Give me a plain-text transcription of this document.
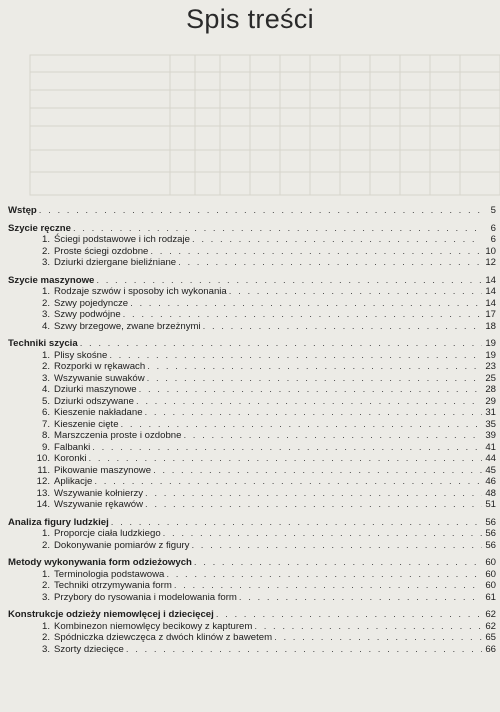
Spis treści
Wstęp . . .	5
Szycie ręczne . . .	6
1. Ściegi podstawowe i ich rodzaje . . .	6
2. Proste ściegi ozdobne . . .	10
3. Dziurki dziergane bieliźniane . . .	12
Szycie maszynowe . . .	14
1. Rodzaje szwów i sposoby ich wykonania . . .	14
2. Szwy pojedyncze . . .	14
3. Szwy podwójne . . .	17
4. Szwy brzegowe, zwane brzeżnymi . . .	18
Techniki szycia . . .	19
1. Plisy skośne . . .	19
2. Rozporki w rękawach . . .	23
3. Wszywanie suwaków . . .	25
4. Dziurki maszynowe . . .	28
5. Dziurki odszywane . . .	29
6. Kieszenie nakładane . . .	31
7. Kieszenie cięte . . .	35
8. Marszczenia proste i ozdobne . . .	39
9. Falbanki . . .	41
10. Koronki . . .	44
11. Pikowanie maszynowe . . .	45
12. Aplikacje . . .	46
13. Wszywanie kołnierzy . . .	48
14. Wszywanie rękawów . . .	51
Analiza figury ludzkiej . . .	56
1. Proporcje ciała ludzkiego . . .	56
2. Dokonywanie pomiarów z figury . . .	56
Metody wykonywania form odzieżowych . . .	60
1. Terminologia podstawowa . . .	60
2. Techniki otrzymywania form . . .	60
3. Przybory do rysowania i modelowania form . . .	61
Konstrukcje odzieży niemowlęcej i dziecięcej . . .	62
1. Kombinezon niemowlęcy becikowy z kapturem . . .	62
2. Spódniczka dziewczęca z dwóch klinów z bawetem . . .	65
3. Szorty dziecięce . . .	66
